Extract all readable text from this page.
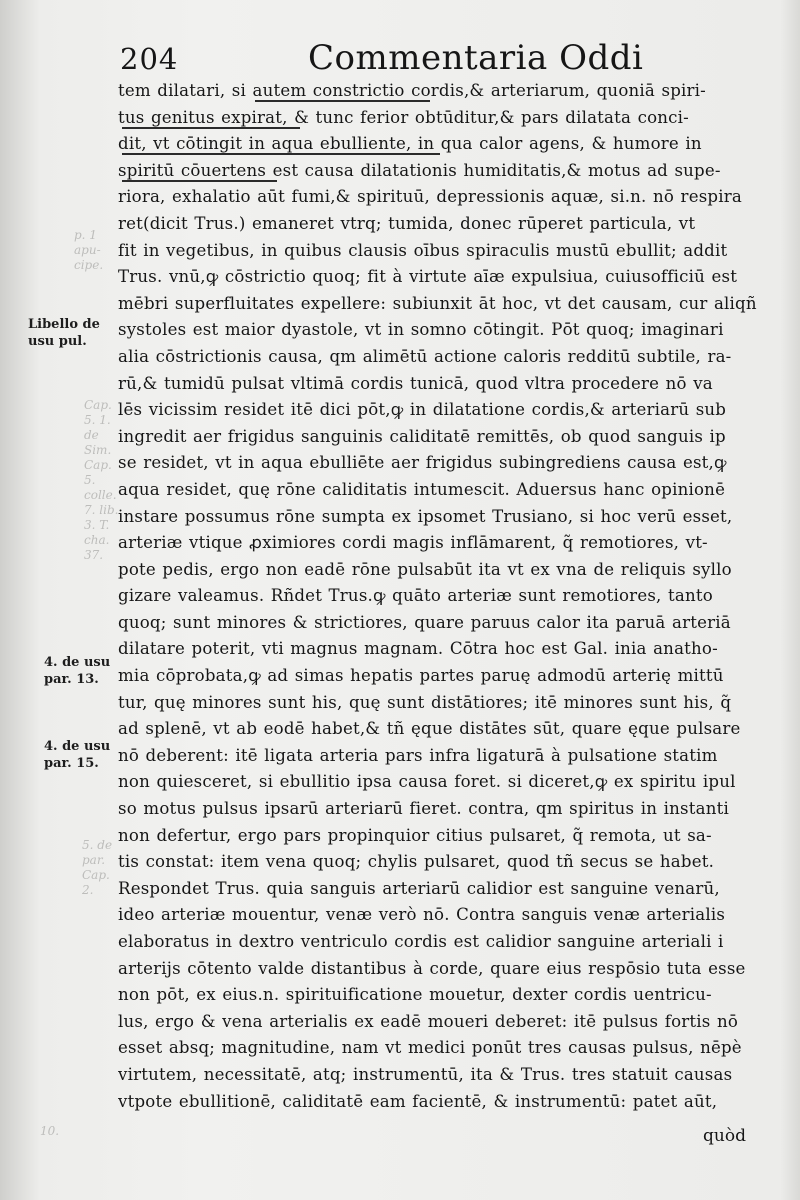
p. 1 apu- cipe.
Cap. 5. 1. de Sim. Cap. 5. colle. 7. lib. 3. T. cha. 37.
5. de par. Cap. 2.
10.
Libello de
usu pul.
4. de usu
par. 13.
4. de usu
par. 15.
204	Commentaria Oddi
tem dilatari, si autem constrictio cordis,& arteriarum, quoniā spiri-
tus genitus expirat, & tunc ferior obtūditur,& pars dilatata conci-
dit, vt cōtingit in aqua ebulliente, in qua calor agens, & humore in
spiritū cōuertens est causa dilatationis humiditatis,& motus ad supe-
riora, exhalatio aūt fumi,& spirituū, depressionis aquæ, si.n. nō respira
ret(dicit Trus.) emaneret vtrq; tumida, donec rūperet particula, vt
fit in vegetibus, in quibus clausis oībus spiraculis mustū ebullit; addit
Trus. vnū,ꝙ cōstrictio quoq; fit à virtute aīæ expulsiua, cuiusofficiū est
mēbri superfluitates expellere: subiunxit āt hoc, vt det causam, cur aliqñ
systoles est maior dyastole, vt in somno cōtingit. Pōt quoq; imaginari
alia cōstrictionis causa, qm alimētū actione caloris redditū subtile, ra-
rū,& tumidū pulsat vltimā cordis tunicā, quod vltra procedere nō va
lēs vicissim residet itē dici pōt,ꝙ in dilatatione cordis,& arteriarū sub
ingredit aer frigidus sanguinis caliditatē remittēs, ob quod sanguis ip
se residet, vt in aqua ebulliēte aer frigidus subingrediens causa est,ꝙ
aqua residet, quę rōne caliditatis intumescit. Aduersus hanc opinionē
instare possumus rōne sumpta ex ipsomet Trusiano, si hoc verū esset,
arteriæ vtique ꝓximiores cordi magis inflāmarent, q̃ remotiores, vt-
pote pedis, ergo non eadē rōne pulsabūt ita vt ex vna de reliquis syllo
gizare valeamus. Rñdet Trus.ꝙ quāto arteriæ sunt remotiores, tanto
quoq; sunt minores & strictiores, quare paruus calor ita paruā arteriā
dilatare poterit, vti magnus magnam. Cōtra hoc est Gal. inia anatho-
mia cōprobata,ꝙ ad simas hepatis partes paruę admodū arterię mittū
tur, quę minores sunt his, quę sunt distātiores; itē minores sunt his, q̃
ad splenē, vt ab eodē habet,& tñ ęque distātes sūt, quare ęque pulsare
nō deberent: itē ligata arteria pars infra ligaturā à pulsatione statim
non quiesceret, si ebullitio ipsa causa foret. si diceret,ꝙ ex spiritu ipul
so motus pulsus ipsarū arteriarū fieret. contra, qm spiritus in instanti
non defertur, ergo pars propinquior citius pulsaret, q̃ remota, ut sa-
tis constat: item vena quoq; chylis pulsaret, quod tñ secus se habet.
Respondet Trus. quia sanguis arteriarū calidior est sanguine venarū,
ideo arteriæ mouentur, venæ verò nō. Contra sanguis venæ arterialis
elaboratus in dextro ventriculo cordis est calidior sanguine arteriali i
arterijs cōtento valde distantibus à corde, quare eius respōsio tuta esse
non pōt, ex eius.n. spirituificatione mouetur, dexter cordis uentricu-
lus, ergo & vena arterialis ex eadē moueri deberet: itē pulsus fortis nō
esset absq; magnitudine, nam vt medici ponūt tres causas pulsus, nēpè
virtutem, necessitatē, atq; instrumentū, ita & Trus. tres statuit causas
vtpote ebullitionē, caliditatē eam facientē, & instrumentū: patet aūt,
quòd
